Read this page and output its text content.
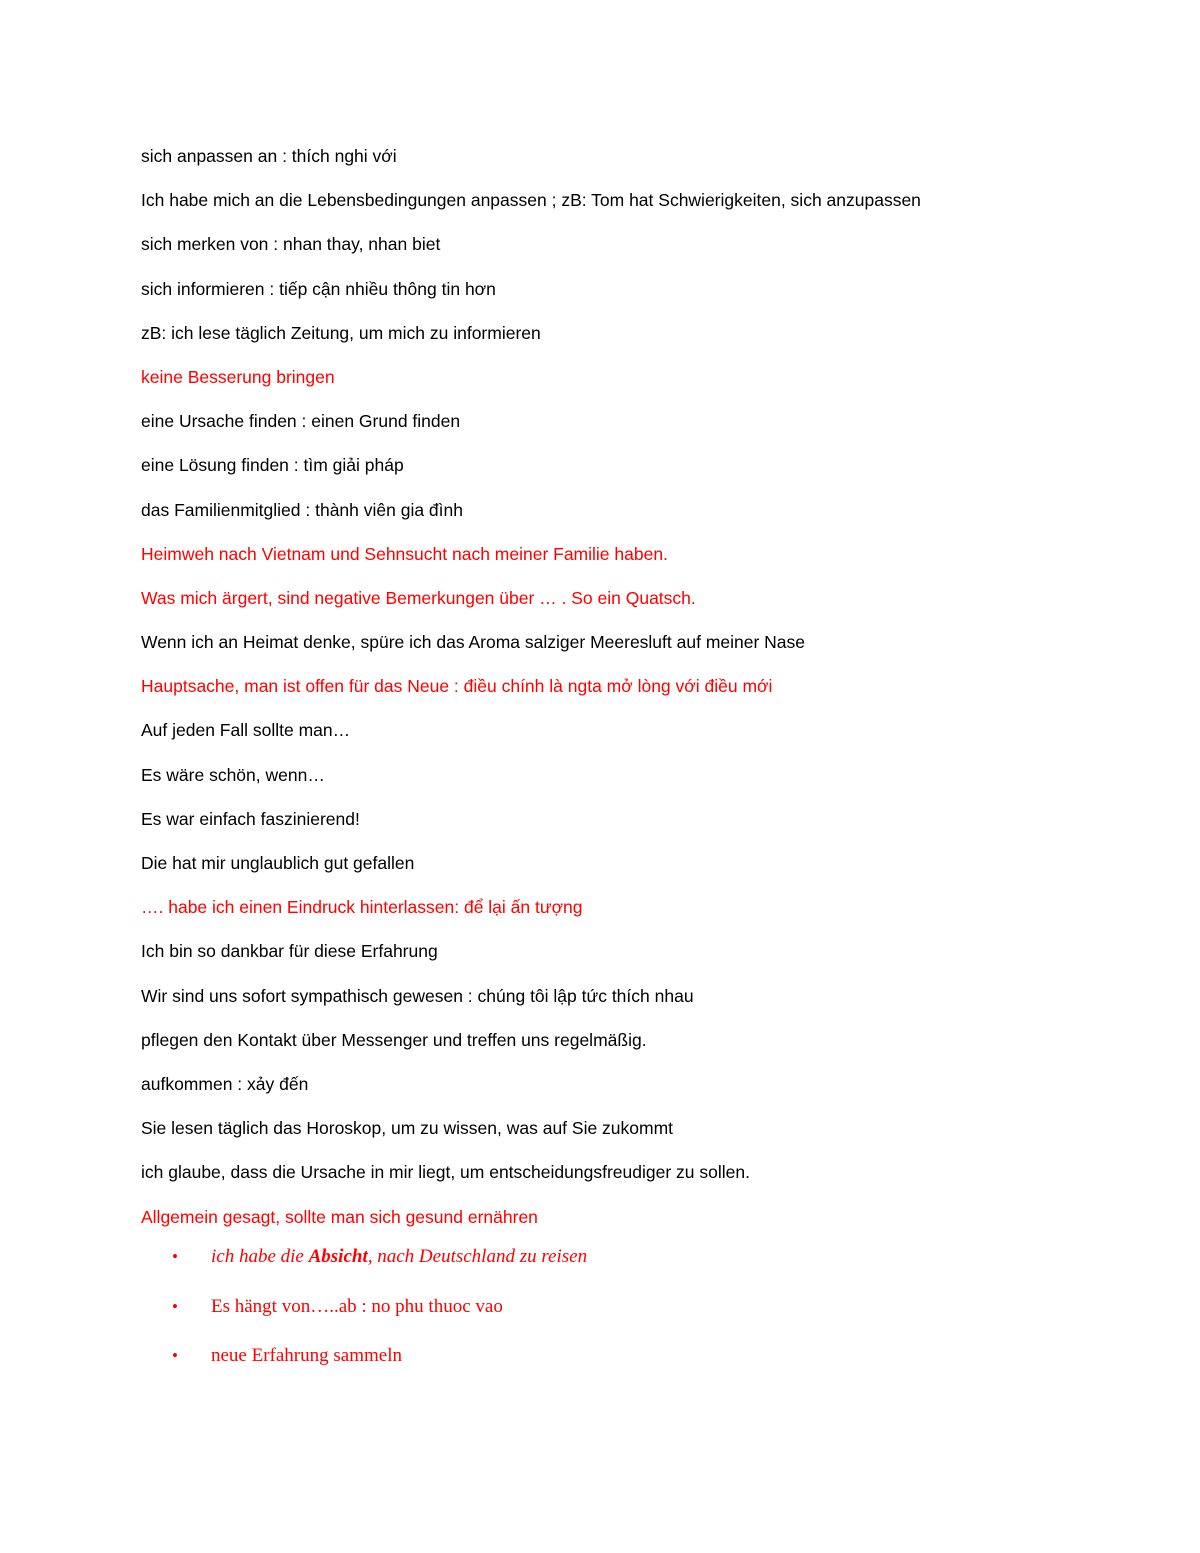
sich anpassen an : thích nghi với
Ich habe mich an die Lebensbedingungen anpassen ; zB: Tom hat Schwierigkeiten, sich anzupassen
sich merken von : nhan thay, nhan biet
sich informieren : tiếp cận nhiều thông tin hơn
zB: ich lese täglich Zeitung, um mich zu informieren
keine Besserung bringen
eine Ursache finden : einen Grund finden
eine Lösung finden : tìm giải pháp
das Familienmitglied : thành viên gia đình
Heimweh nach Vietnam und Sehnsucht nach meiner Familie haben.
Was mich ärgert, sind negative Bemerkungen über … . So ein Quatsch.
Wenn ich an Heimat denke, spüre ich das Aroma salziger Meeresluft auf meiner Nase
Hauptsache, man ist offen für das Neue : điều chính là ngta mở lòng với điều mới
Auf jeden Fall sollte man…
Es wäre schön, wenn…
Es war einfach faszinierend!
Die hat mir unglaublich gut gefallen
…. habe ich einen Eindruck hinterlassen: để lại ấn tượng
Ich bin so dankbar für diese Erfahrung
Wir sind uns sofort sympathisch gewesen : chúng tôi lập tức thích nhau
pflegen den Kontakt über Messenger und treffen uns regelmäßig.
aufkommen : xảy đến
Sie lesen täglich das Horoskop, um zu wissen, was auf Sie zukommt
ich glaube, dass die Ursache in mir liegt, um entscheidungsfreudiger zu sollen.
Allgemein gesagt, sollte man sich gesund ernähren
•	ich habe die Absicht, nach Deutschland zu reisen
•	Es hängt von…..ab : no phu thuoc vao
•	neue Erfahrung sammeln
